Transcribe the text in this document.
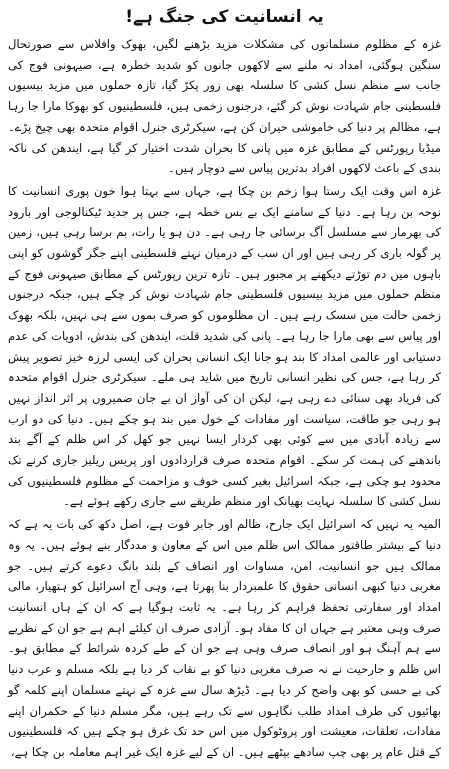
یہ انسانیت کی جنگ ہے!

غزہ کے مظلوم مسلمانوں کی مشکلات مزید بڑھنے لگیں، بھوک وافلاس سے صورتحال سنگین ہوگئی، امداد نہ ملنے سے لاکھوں جانوں کو شدید خطرہ ہے، صیہونی فوج کی جانب سے منظم نسل کشی کا سلسلہ بھی زور پکڑ گیا، تازہ حملوں میں مزید بیسیوں فلسطینی جام شہادت نوش کر گئے، درجنوں زخمی ہیں، فلسطینیوں کو بھوکا مارا جا رہا ہے، مظالم پر دنیا کی خاموشی حیران کن ہے، سیکرٹری جنرل اقوام متحدہ بھی چیخ پڑے۔ میڈیا رپورٹس کے مطابق غزہ میں پانی کا بحران شدت اختیار کر گیا ہے، ایندھن کی ناکہ بندی کے باعث لاکھوں افراد بدترین پیاس سے دوچار ہیں۔

غزہ اس وقت ایک رستا ہوا زخم بن چکا ہے، جہاں سے بہتا ہوا خون پوری انسانیت کا نوحہ بن رہا ہے۔ دنیا کے سامنے ایک بے بس خطہ ہے، جس پر جدید ٹیکنالوجی اور بارود کی بھرمار سے مسلسل آگ برسائی جا رہی ہے۔ دن ہو یا رات، بم برسا رہی ہیں، زمین پر گولہ باری کر رہی ہیں اور ان سب کے درمیان نہتے فلسطینی اپنے جگر گوشوں کو اپنی باہوں میں دم توڑتے دیکھنے پر مجبور ہیں۔ تازہ ترین رپورٹس کے مطابق صیہونی فوج کے منظم حملوں میں مزید بیسیوں فلسطینی جام شہادت نوش کر چکے ہیں، جبکہ درجنوں زخمی حالت میں سسک رہے ہیں۔ ان مظلوموں کو صرف بموں سے ہی نہیں، بلکہ بھوک اور پیاس سے بھی مارا جا رہا ہے۔ پانی کی شدید قلت، ایندھن کی بندش، ادویات کی عدم دستیابی اور عالمی امداد کا بند ہو جانا ایک انسانی بحران کی ایسی لرزہ خیز تصویر پیش کر رہا ہے، جس کی نظیر انسانی تاریخ میں شاید ہی ملے۔ سیکرٹری جنرل اقوام متحدہ کی فریاد بھی سنائی دے رہی ہے، لیکن ان کی آواز ان بے جان ضمیروں پر اثر انداز نہیں ہو رہی جو طاقت، سیاست اور مفادات کے خول میں بند ہو چکے ہیں۔ دنیا کی دو ارب سے زیادہ آبادی میں سے کوئی بھی کردار ایسا نہیں جو کھل کر اس ظلم کے آگے بند باندھنے کی ہمت کر سکے۔ اقوام متحدہ صرف قراردادوں اور پریس ریلیز جاری کرنے تک محدود ہو چکی ہے، جبکہ اسرائیل بغیر کسی خوف و مزاحمت کے مظلوم فلسطینیوں کی نسل کشی کا سلسلہ نہایت بھیانک اور منظم طریقے سے جاری رکھے ہوئے ہے۔

المیہ یہ نہیں کہ اسرائیل ایک جارح، ظالم اور جابر قوت ہے، اصل دکھ کی بات یہ ہے کہ دنیا کے بیشتر طاقتور ممالک اس ظلم میں اس کے معاون و مددگار بنے ہوئے ہیں۔ یہ وہ ممالک ہیں جو انسانیت، امن، مساوات اور انصاف کے بلند بانگ دعوے کرتے ہیں۔ جو مغربی دنیا کبھی انسانی حقوق کا علمبردار بنا پھرتا ہے، وہی آج اسرائیل کو ہتھیار، مالی امداد اور سفارتی تحفظ فراہم کر رہا ہے۔ یہ ثابت ہوگیا ہے کہ ان کے ہاں انسانیت صرف وہی معتبر ہے جہاں ان کا مفاد ہو۔ آزادی صرف ان کیلئے اہم ہے جو ان کے نظریے سے ہم آہنگ ہو اور انصاف صرف وہی ہے جو ان کے طے کردہ شرائط کے مطابق ہو۔ اس ظلم و جارحیت نے نہ صرف مغربی دنیا کو بے نقاب کر دیا ہے بلکہ مسلم و عرب دنیا کی بے حسی کو بھی واضح کر دیا ہے۔ ڈیڑھ سال سے غزہ کے نہتے مسلمان اپنے کلمہ گو بھائیوں کی طرف امداد طلب نگاہوں سے تک رہے ہیں، مگر مسلم دنیا کے حکمران اپنے مفادات، تعلقات، معیشت اور پروٹوکول میں اس حد تک غرق ہو چکے ہیں کہ فلسطینیوں کے قتل عام پر بھی چپ سادھے بیٹھے ہیں۔ ان کے لیے غزہ ایک غیر اہم معاملہ بن چکا ہے،
